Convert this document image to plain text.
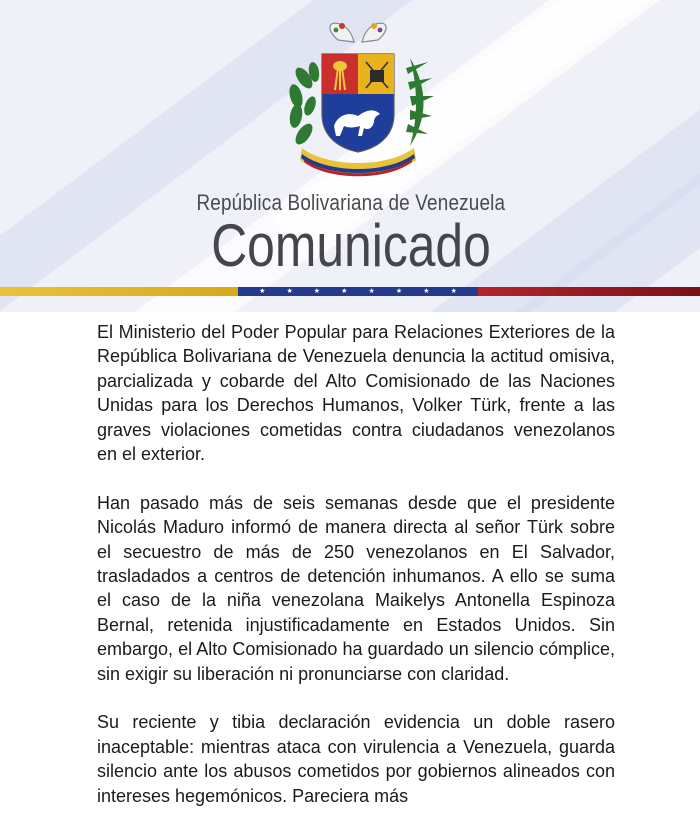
República Bolivariana de Venezuela
Comunicado
★	★	★	★	★	★	★	★

El Ministerio del Poder Popular para Relaciones Exteriores de la República Bolivariana de Venezuela denuncia la actitud omisiva, parcializada y cobarde del Alto Comisionado de las Naciones Unidas para los Derechos Humanos, Volker Türk, frente a las graves violaciones cometidas contra ciudadanos venezolanos en el exterior.

Han pasado más de seis semanas desde que el presidente Nicolás Maduro informó de manera directa al señor Türk sobre el secuestro de más de 250 venezolanos en El Salvador, trasladados a centros de detención inhumanos. A ello se suma el caso de la niña venezolana Maikelys Antonella Espinoza Bernal, retenida injustificadamente en Estados Unidos. Sin embargo, el Alto Comisionado ha guardado un silencio cómplice, sin exigir su liberación ni pronunciarse con claridad.

Su reciente y tibia declaración evidencia un doble rasero inaceptable: mientras ataca con virulencia a Venezuela, guarda silencio ante los abusos cometidos por gobiernos alineados con intereses hegemónicos. Pareciera más
